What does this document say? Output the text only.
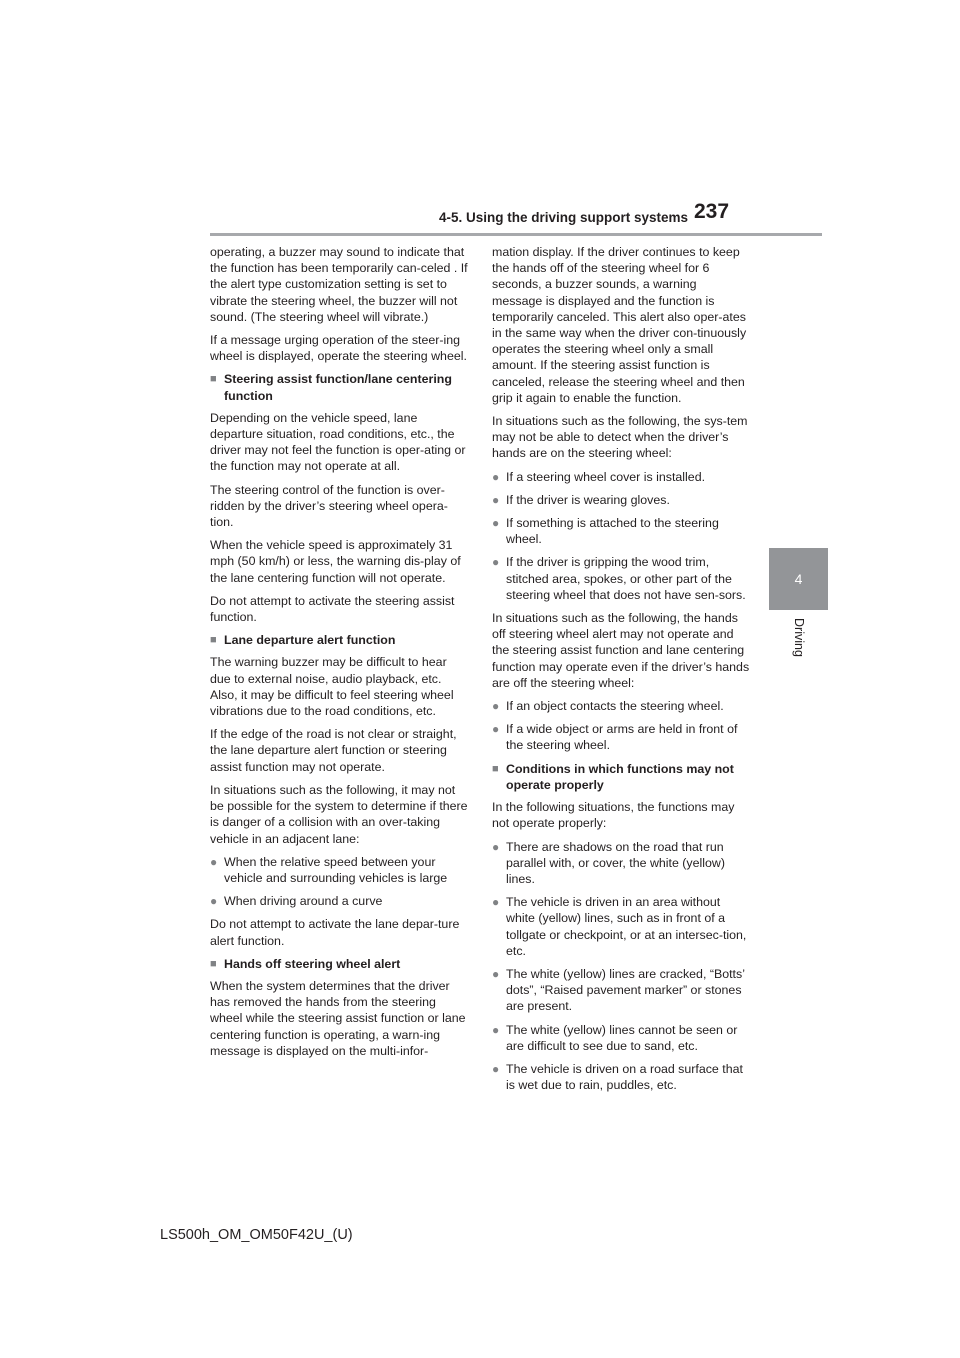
4-5. Using the driving support systems 237
4
Driving

operating, a buzzer may sound to indicate that the function has been temporarily can-celed . If the alert type customization setting is set to vibrate the steering wheel, the buzzer will not sound. (The steering wheel will vibrate.)

If a message urging operation of the steer-ing wheel is displayed, operate the steering wheel.

■ Steering assist function/lane centering function

Depending on the vehicle speed, lane departure situation, road conditions, etc., the driver may not feel the function is oper-ating or the function may not operate at all.

The steering control of the function is over-ridden by the driver’s steering wheel opera-tion.

When the vehicle speed is approximately 31 mph (50 km/h) or less, the warning dis-play of the lane centering function will not operate.

Do not attempt to activate the steering assist function.

■ Lane departure alert function

The warning buzzer may be difficult to hear due to external noise, audio playback, etc. Also, it may be difficult to feel steering wheel vibrations due to the road conditions, etc.

If the edge of the road is not clear or straight, the lane departure alert function or steering assist function may not operate.

In situations such as the following, it may not be possible for the system to determine if there is danger of a collision with an over-taking vehicle in an adjacent lane:

● When the relative speed between your vehicle and surrounding vehicles is large
● When driving around a curve

Do not attempt to activate the lane depar-ture alert function.

■ Hands off steering wheel alert

When the system determines that the driver has removed the hands from the steering wheel while the steering assist function or lane centering function is operating, a warn-ing message is displayed on the multi-infor-

mation display. If the driver continues to keep the hands off of the steering wheel for 6 seconds, a buzzer sounds, a warning message is displayed and the function is temporarily canceled. This alert also oper-ates in the same way when the driver con-tinuously operates the steering wheel only a small amount. If the steering assist function is canceled, release the steering wheel and then grip it again to enable the function.

In situations such as the following, the sys-tem may not be able to detect when the driver’s hands are on the steering wheel:

● If a steering wheel cover is installed.
● If the driver is wearing gloves.
● If something is attached to the steering wheel.
● If the driver is gripping the wood trim, stitched area, spokes, or other part of the steering wheel that does not have sen-sors.

In situations such as the following, the hands off steering wheel alert may not operate and the steering assist function and lane centering function may operate even if the driver’s hands are off the steering wheel:

● If an object contacts the steering wheel.
● If a wide object or arms are held in front of the steering wheel.
■ Conditions in which functions may not operate properly

In the following situations, the functions may not operate properly:

● There are shadows on the road that run parallel with, or cover, the white (yellow) lines.
● The vehicle is driven in an area without white (yellow) lines, such as in front of a tollgate or checkpoint, or at an intersec-tion, etc.
● The white (yellow) lines are cracked, “Botts’ dots”, “Raised pavement marker” or stones are present.
● The white (yellow) lines cannot be seen or are difficult to see due to sand, etc.
● The vehicle is driven on a road surface that is wet due to rain, puddles, etc.
LS500h_OM_OM50F42U_(U)
